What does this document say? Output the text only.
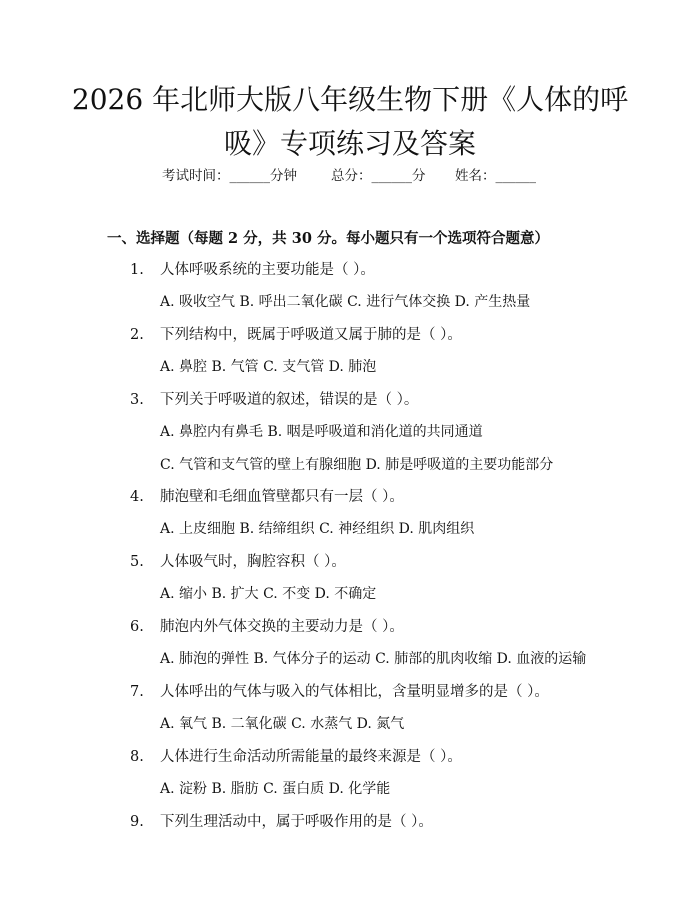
2026 年北师大版八年级生物下册《人体的呼
吸》专项练习及答案
考试时间：______分钟	总分：______分 姓名：______
一、选择题（每题 2 分，共 30 分。每小题只有一个选项符合题意）
1. 人体呼吸系统的主要功能是（ ）。
A. 吸收空气 B. 呼出二氧化碳 C. 进行气体交换 D. 产生热量
2. 下列结构中，既属于呼吸道又属于肺的是（ ）。
A. 鼻腔 B. 气管 C. 支气管 D. 肺泡
3. 下列关于呼吸道的叙述，错误的是（ ）。
A. 鼻腔内有鼻毛 B. 咽是呼吸道和消化道的共同通道
C. 气管和支气管的壁上有腺细胞 D. 肺是呼吸道的主要功能部分
4. 肺泡壁和毛细血管壁都只有一层（ ）。
A. 上皮细胞 B. 结缔组织 C. 神经组织 D. 肌肉组织
5. 人体吸气时，胸腔容积（ ）。
A. 缩小 B. 扩大 C. 不变 D. 不确定
6. 肺泡内外气体交换的主要动力是（ ）。
A. 肺泡的弹性 B. 气体分子的运动 C. 肺部的肌肉收缩 D. 血液的运输
7. 人体呼出的气体与吸入的气体相比，含量明显增多的是（ ）。
A. 氧气 B. 二氧化碳 C. 水蒸气 D. 氮气
8. 人体进行生命活动所需能量的最终来源是（ ）。
A. 淀粉 B. 脂肪 C. 蛋白质 D. 化学能
9. 下列生理活动中，属于呼吸作用的是（ ）。
